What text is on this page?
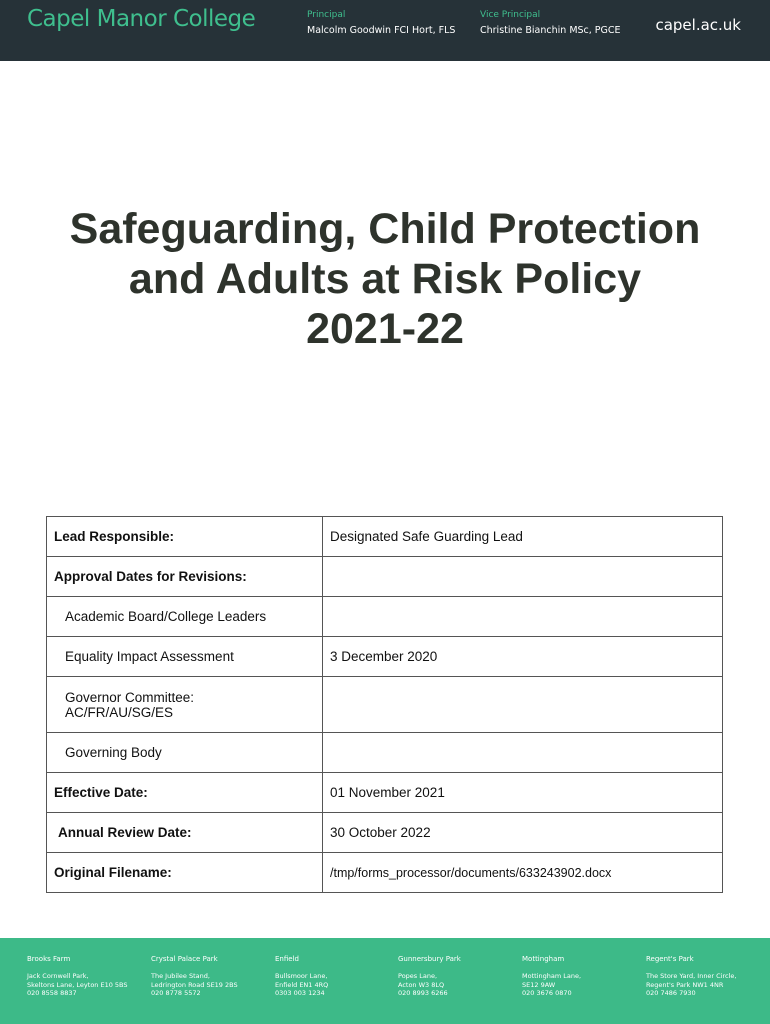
Capel Manor College	Principal
Malcolm Goodwin FCI Hort, FLS
Vice Principal
Christine Bianchin MSc, PGCE capel.ac.uk
Safeguarding, Child Protection
and Adults at Risk Policy
2021-22
Lead Responsible:	Designated Safe Guarding Lead
Approval Dates for Revisions:	
Academic Board/College Leaders	
Equality Impact Assessment	3 December 2020

Governor Committee:
AC/FR/AU/SG/ES	

Governing Body	
Effective Date:	01 November 2021
Annual Review Date:	30 October 2022
Original Filename:	/tmp/forms_processor/documents/633243902.docx
Brooks Farm
Jack Cornwell Park,
Skeltons Lane, Leyton E10 5BS
020 8558 8837
Crystal Palace Park
The Jubilee Stand,
Ledrington Road SE19 2BS
020 8778 5572
Enfield
Bullsmoor Lane,
Enfield EN1 4RQ
0303 003 1234
Gunnersbury Park
Popes Lane,
Acton W3 8LQ
020 8993 6266
Mottingham
Mottingham Lane,
SE12 9AW
020 3676 0870
Regent's Park
The Store Yard, Inner Circle,
Regent's Park NW1 4NR
020 7486 7930
